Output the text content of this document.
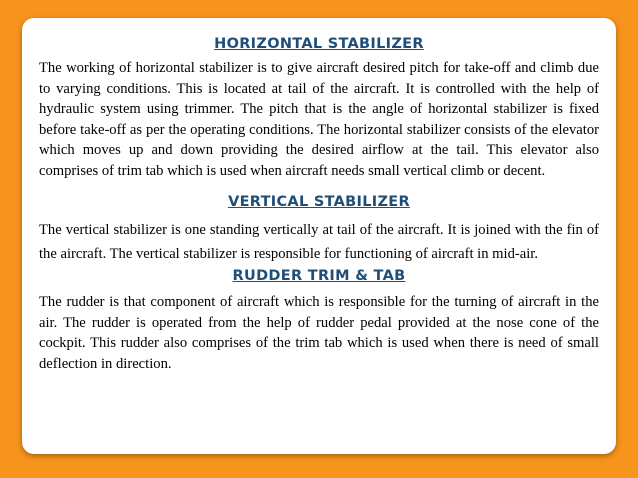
HORIZONTAL STABILIZER

The working of horizontal stabilizer is to give aircraft desired pitch for take-off and climb due to varying conditions. This is located at tail of the aircraft. It is controlled with the help of hydraulic system using trimmer. The pitch that is the angle of horizontal stabilizer is fixed before take-off as per the operating conditions. The horizontal stabilizer consists of the elevator which moves up and down providing the desired airflow at the tail. This elevator also comprises of trim tab which is used when aircraft needs small vertical climb or decent.

VERTICAL STABILIZER

The vertical stabilizer is one standing vertically at tail of the aircraft. It is joined with the fin of the aircraft. The vertical stabilizer is responsible for functioning of aircraft in mid-air.

RUDDER TRIM & TAB

The rudder is that component of aircraft which is responsible for the turning of aircraft in the air. The rudder is operated from the help of rudder pedal provided at the nose cone of the cockpit. This rudder also comprises of the trim tab which is used when there is need of small deflection in direction.
